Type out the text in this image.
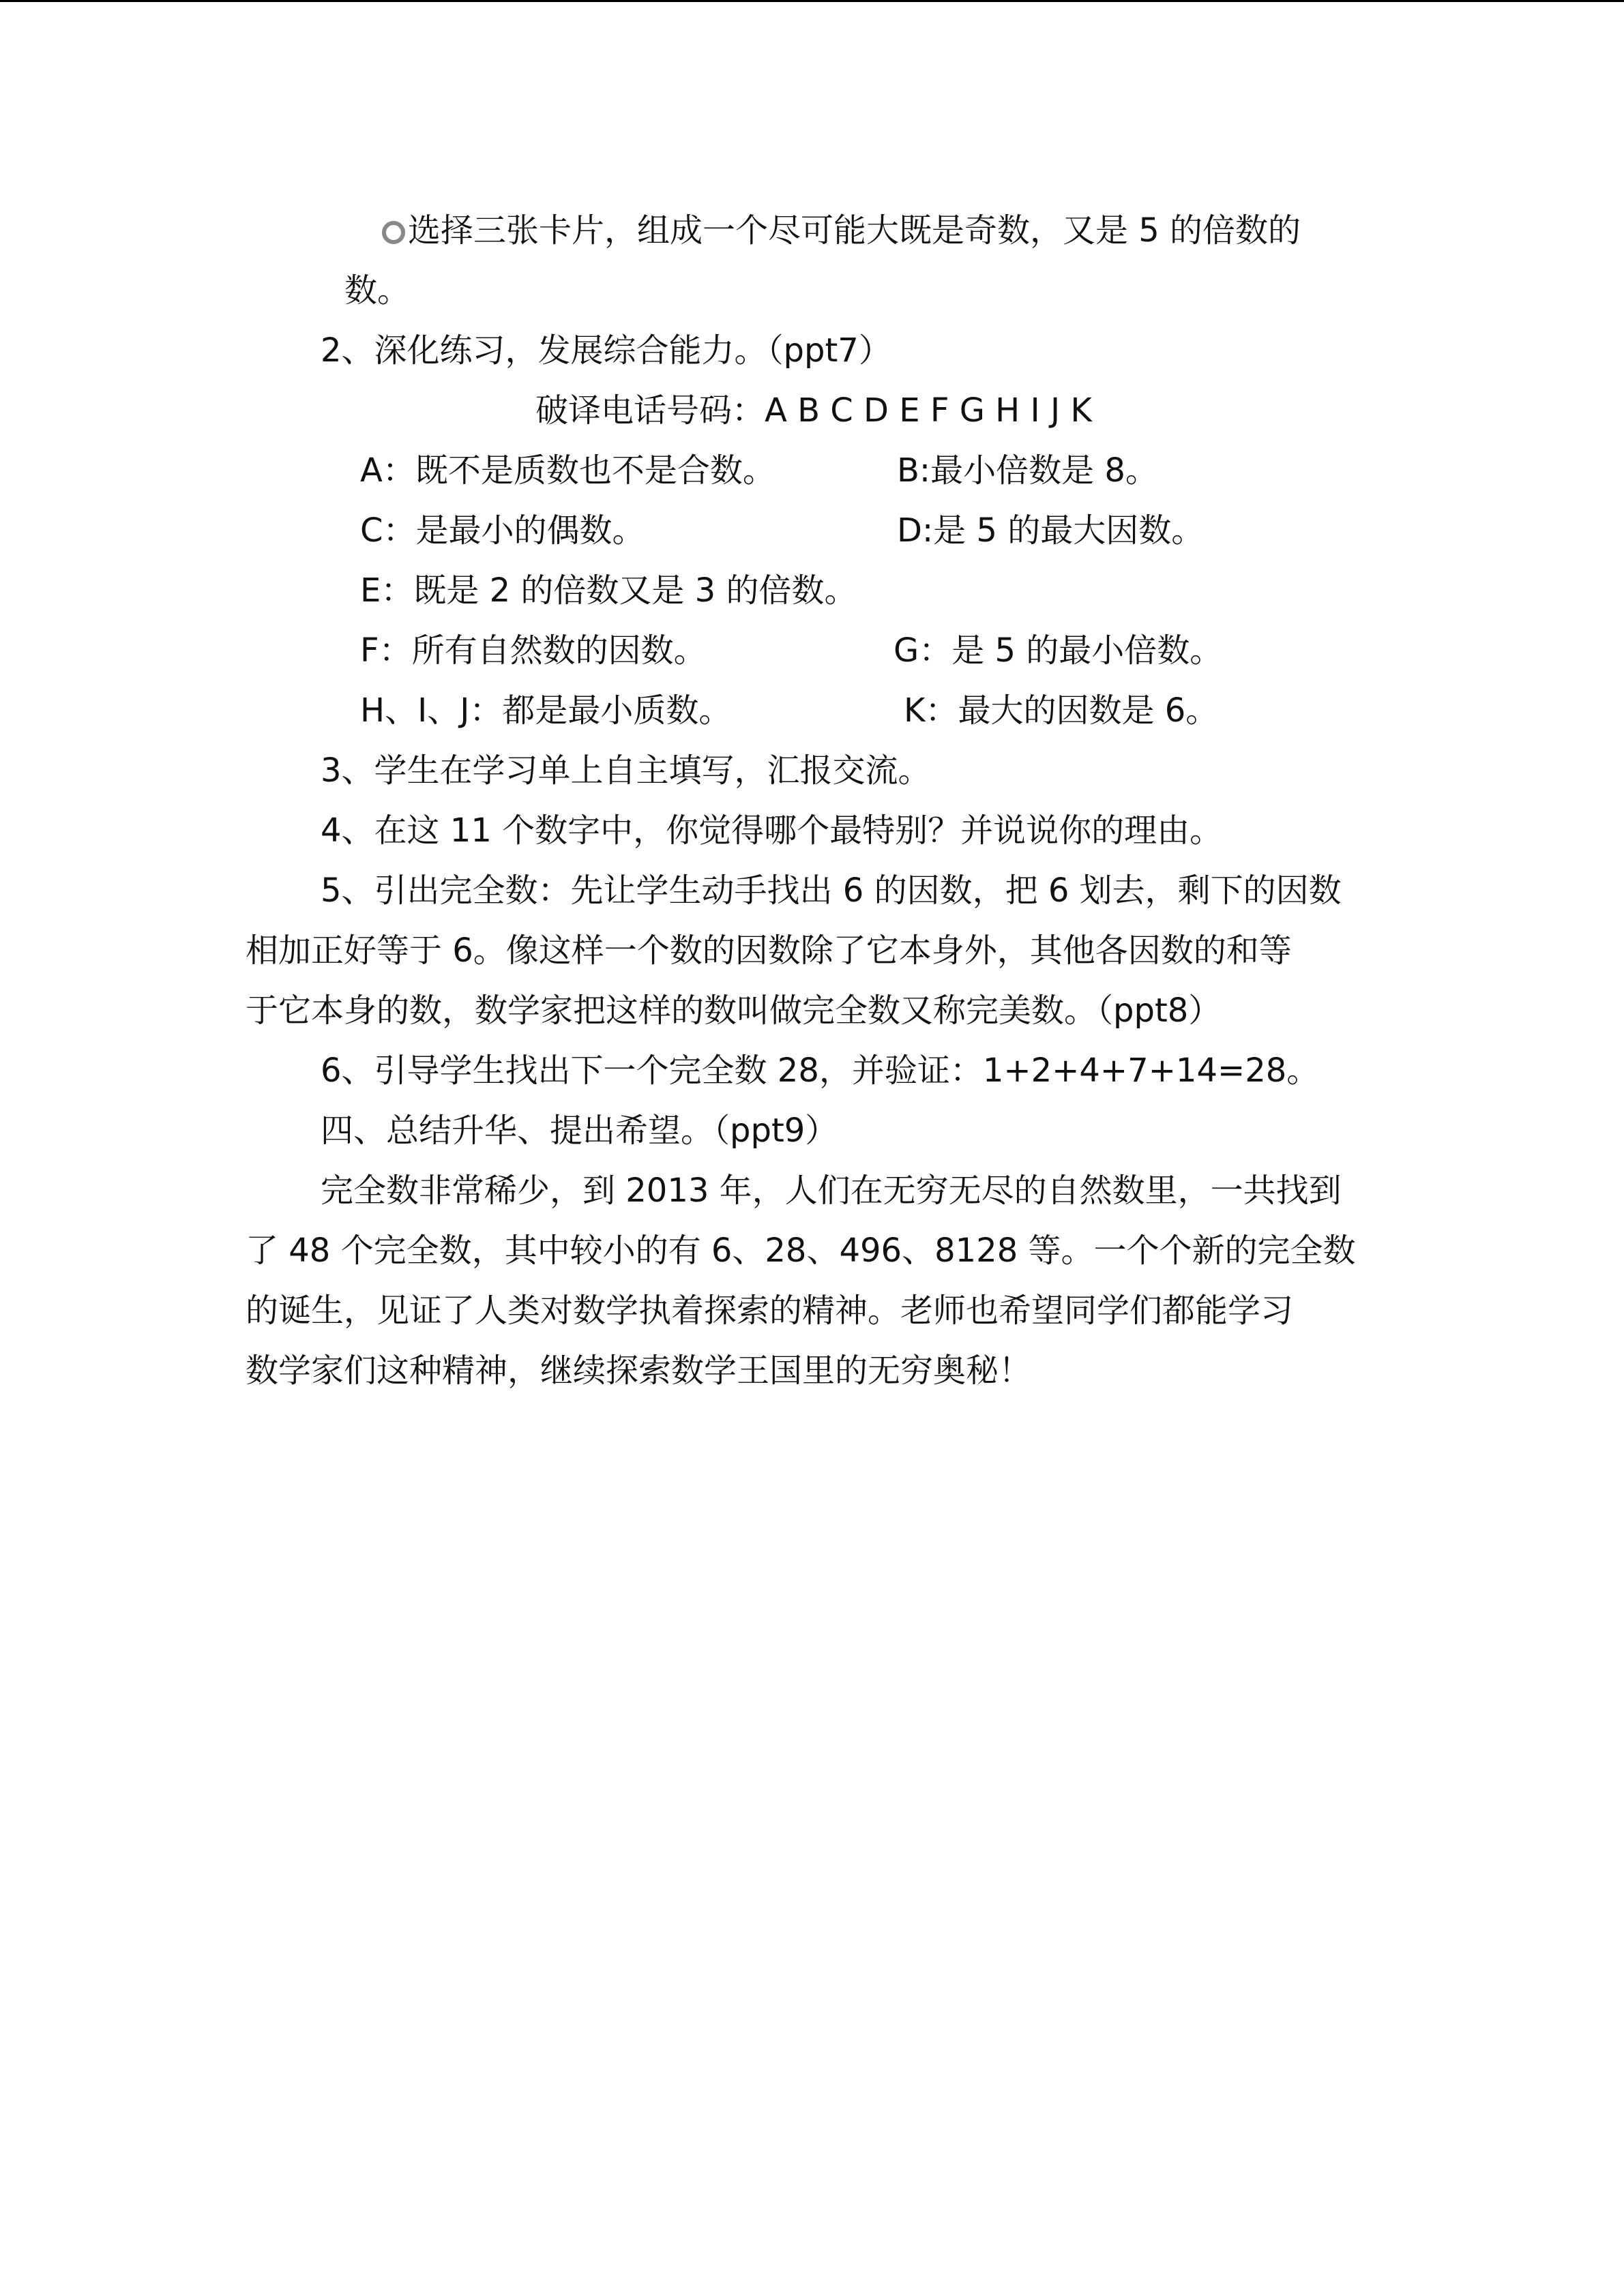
选择三张卡片，组成一个尽可能大既是奇数，又是 5 的倍数的
数。
2、深化练习，发展综合能力。（ppt7）
破译电话号码：A B C D E F G H I J K
A：既不是质数也不是合数。	B:最小倍数是 8。
C：是最小的偶数。	D:是 5 的最大因数。
E：既是 2 的倍数又是 3 的倍数。
F：所有自然数的因数。	G：是 5 的最小倍数。
H、I、J：都是最小质数。	K：最大的因数是 6。
3、学生在学习单上自主填写，汇报交流。
4、在这 11 个数字中，你觉得哪个最特别？并说说你的理由。
5、引出完全数：先让学生动手找出 6 的因数，把 6 划去，剩下的因数
相加正好等于 6。像这样一个数的因数除了它本身外，其他各因数的和等
于它本身的数，数学家把这样的数叫做完全数又称完美数。（ppt8）
6、引导学生找出下一个完全数 28，并验证：1+2+4+7+14=28。
四、总结升华、提出希望。（ppt9）
完全数非常稀少，到 2013 年，人们在无穷无尽的自然数里，一共找到
了 48 个完全数，其中较小的有 6、28、496、8128 等。一个个新的完全数
的诞生，见证了人类对数学执着探索的精神。老师也希望同学们都能学习
数学家们这种精神，继续探索数学王国里的无穷奥秘！
